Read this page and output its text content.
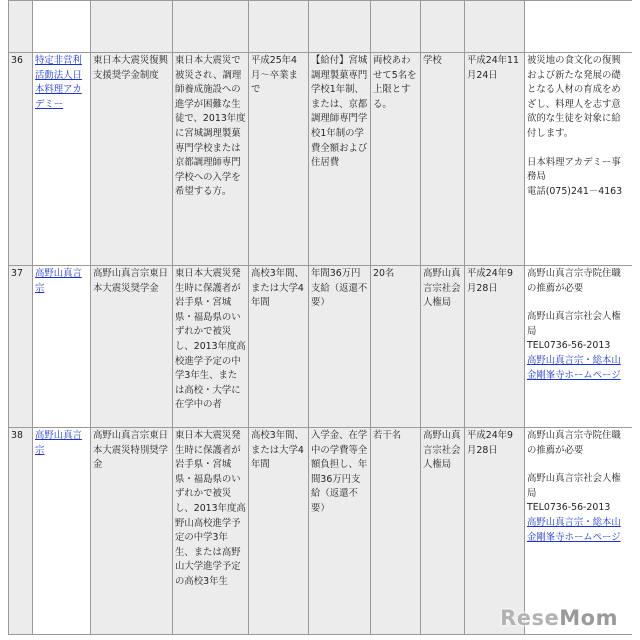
36	特定非営利活動法人日本料理アカデミー	東日本大震災復興支援奨学金制度	東日本大震災で被災され、調理師養成施設への進学が困難な生徒で、2013年度に宮城調理製菓専門学校または京都調理師専門学校への入学を希望する方。	平成25年4月～卒業まで	【給付】宮城調理製菓専門学校1年制、または、京都調理師専門学校1年制の学費全額および住居費	両校あわせて5名を上限とする。	学校	平成24年11月24日	被災地の食文化の復興および新たな発展の礎となる人材の育成をめざし、料理人を志す意欲的な生徒を対象に給付します。
日本料理アカデミー事務局
電話(075)241－4163

37	高野山真言宗	高野山真言宗東日本大震災奨学金	東日本大震災発生時に保護者が岩手県・宮城県・福島県のいずれかで被災し、2013年度高校進学予定の中学3年生、または高校・大学に在学中の者	高校3年間、または大学4年間	年間36万円支給（返還不要）	20名	高野山真言宗社会人権局	平成24年9月28日	高野山真言宗寺院住職の推薦が必要
高野山真言宗社会人権局
TEL0736-56-2013
高野山真言宗・総本山金剛峯寺ホームページ

38	高野山真言宗	高野山真言宗東日本大震災特別奨学金	東日本大震災発生時に保護者が岩手県・宮城県・福島県のいずれかで被災し、2013年度高野山高校進学予定の中学3年生、または高野山大学進学予定の高校3年生	高校3年間、または大学4年間	入学金、在学中の学費等全額負担し、年間36万円支給（返還不要）	若干名	高野山真言宗社会人権局	平成24年9月28日	高野山真言宗寺院住職の推薦が必要
高野山真言宗社会人権局
TEL0736-56-2013
高野山真言宗・総本山金剛峯寺ホームページ
ReseMom
